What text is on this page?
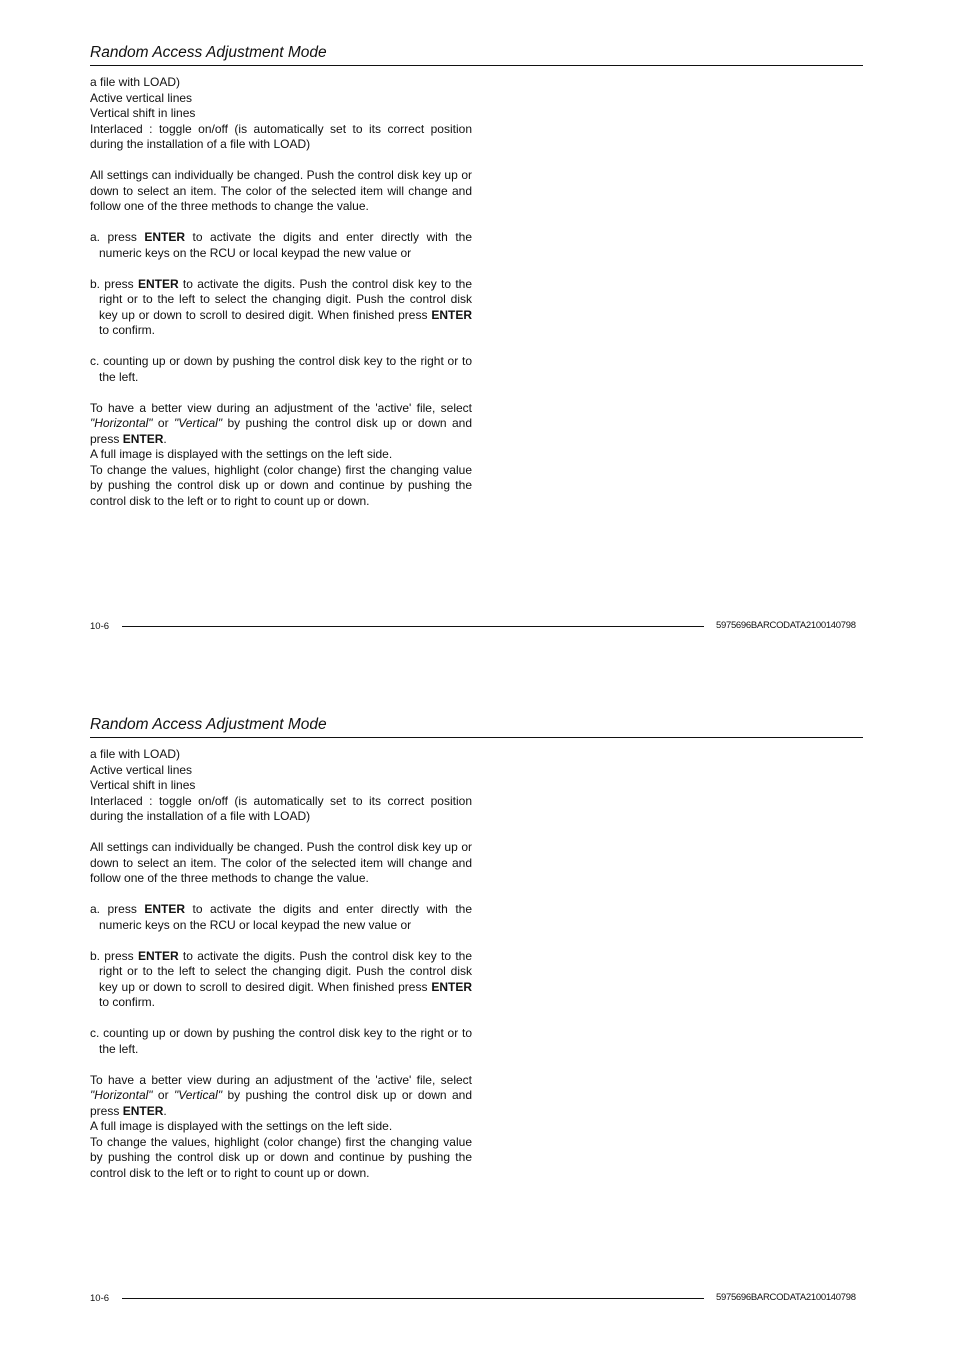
Random Access Adjustment Mode

a file with LOAD)

Active vertical lines

Vertical shift in lines

Interlaced : toggle on/off (is automatically set to its correct position during the installation of a file with LOAD)

All settings can individually be changed. Push the control disk key up or down to select an item. The color of the selected item will change and follow one of the three methods to change the value.

a. press ENTER to activate the digits and enter directly with the numeric keys on the RCU or local keypad the new value or

b. press ENTER to activate the digits. Push the control disk key to the right or to the left to select the changing digit. Push the control disk key up or down to scroll to desired digit. When finished press ENTER to confirm.

c. counting up or down by pushing the control disk key to the right or to the left.

To have a better view during an adjustment of the 'active' file, select "Horizontal" or "Vertical" by pushing the control disk up or down and press ENTER.

A full image is displayed with the settings on the left side.

To change the values, highlight (color change) first the changing value by pushing the control disk up or down and continue by pushing the control disk to the left or to right to count up or down.

10-6	5975696BARCODATA2100140798
Random Access Adjustment Mode

a file with LOAD)

Active vertical lines

Vertical shift in lines

Interlaced : toggle on/off (is automatically set to its correct position during the installation of a file with LOAD)

All settings can individually be changed. Push the control disk key up or down to select an item. The color of the selected item will change and follow one of the three methods to change the value.

a. press ENTER to activate the digits and enter directly with the numeric keys on the RCU or local keypad the new value or

b. press ENTER to activate the digits. Push the control disk key to the right or to the left to select the changing digit. Push the control disk key up or down to scroll to desired digit. When finished press ENTER to confirm.

c. counting up or down by pushing the control disk key to the right or to the left.

To have a better view during an adjustment of the 'active' file, select "Horizontal" or "Vertical" by pushing the control disk up or down and press ENTER.

A full image is displayed with the settings on the left side.

To change the values, highlight (color change) first the changing value by pushing the control disk up or down and continue by pushing the control disk to the left or to right to count up or down.

10-6	5975696BARCODATA2100140798
